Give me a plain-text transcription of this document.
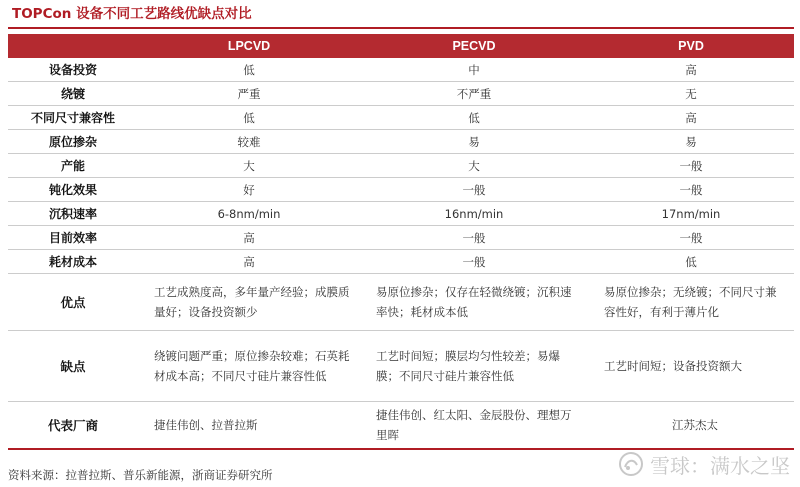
TOPCon 设备不同工艺路线优缺点对比
	LPCVD	PECVD	PVD
设备投资	低	中	高
绕镀	严重	不严重	无
不同尺寸兼容性	低	低	高
原位掺杂	较难	易	易
产能	大	大	一般
钝化效果	好	一般	一般
沉积速率	6-8nm/min	16nm/min	17nm/min
目前效率	高	一般	一般
耗材成本	高	一般	低
优点	工艺成熟度高，多年量产经验；成膜质量好；设备投资额少	易原位掺杂；仅存在轻微绕镀；沉积速率快；耗材成本低	易原位掺杂；无绕镀；不同尺寸兼容性好，有利于薄片化
缺点	绕镀问题严重；原位掺杂较难；石英耗材成本高；不同尺寸硅片兼容性低	工艺时间短；膜层均匀性较差；易爆膜；不同尺寸硅片兼容性低	工艺时间短；设备投资额大
代表厂商	捷佳伟创、拉普拉斯	捷佳伟创、红太阳、金辰股份、理想万里晖	江苏杰太
资料来源：拉普拉斯、普乐新能源，浙商证券研究所	雪球：满水之坚
